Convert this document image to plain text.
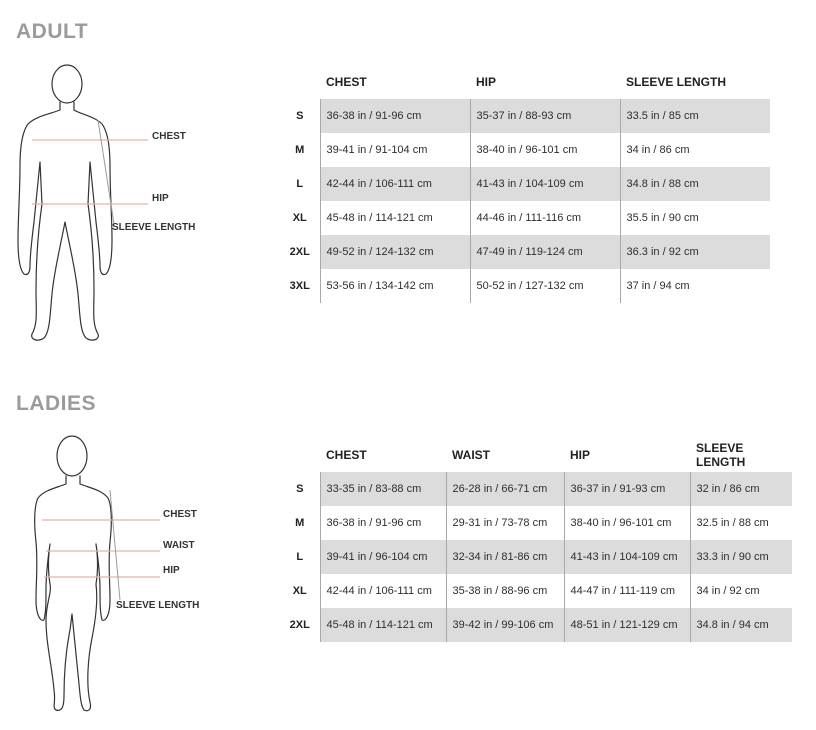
ADULT
CHEST
HIP
SLEEVE LENGTH
	CHEST	HIP	SLEEVE LENGTH
S	36-38 in / 91-96 cm	35-37 in / 88-93 cm	33.5 in / 85 cm
M	39-41 in / 91-104 cm	38-40 in / 96-101 cm	34 in / 86 cm
L	42-44 in / 106-111 cm	41-43 in / 104-109 cm	34.8 in / 88 cm
XL	45-48 in / 114-121 cm	44-46 in / 111-116 cm	35.5 in / 90 cm
2XL	49-52 in / 124-132 cm	47-49 in / 119-124 cm	36.3 in / 92 cm
3XL	53-56 in / 134-142 cm	50-52 in / 127-132 cm	37 in / 94 cm
LADIES
CHEST
WAIST
HIP
SLEEVE LENGTH
	CHEST	WAIST	HIP	SLEEVE LENGTH
S	33-35 in / 83-88 cm	26-28 in / 66-71 cm	36-37 in / 91-93 cm	32 in / 86 cm
M	36-38 in / 91-96 cm	29-31 in / 73-78 cm	38-40 in / 96-101 cm	32.5 in / 88 cm
L	39-41 in / 96-104 cm	32-34 in / 81-86 cm	41-43 in / 104-109 cm	33.3 in / 90 cm
XL	42-44 in / 106-111 cm	35-38 in / 88-96 cm	44-47 in / 111-119 cm	34 in / 92 cm
2XL	45-48 in / 114-121 cm	39-42 in / 99-106 cm	48-51 in / 121-129 cm	34.8 in / 94 cm
